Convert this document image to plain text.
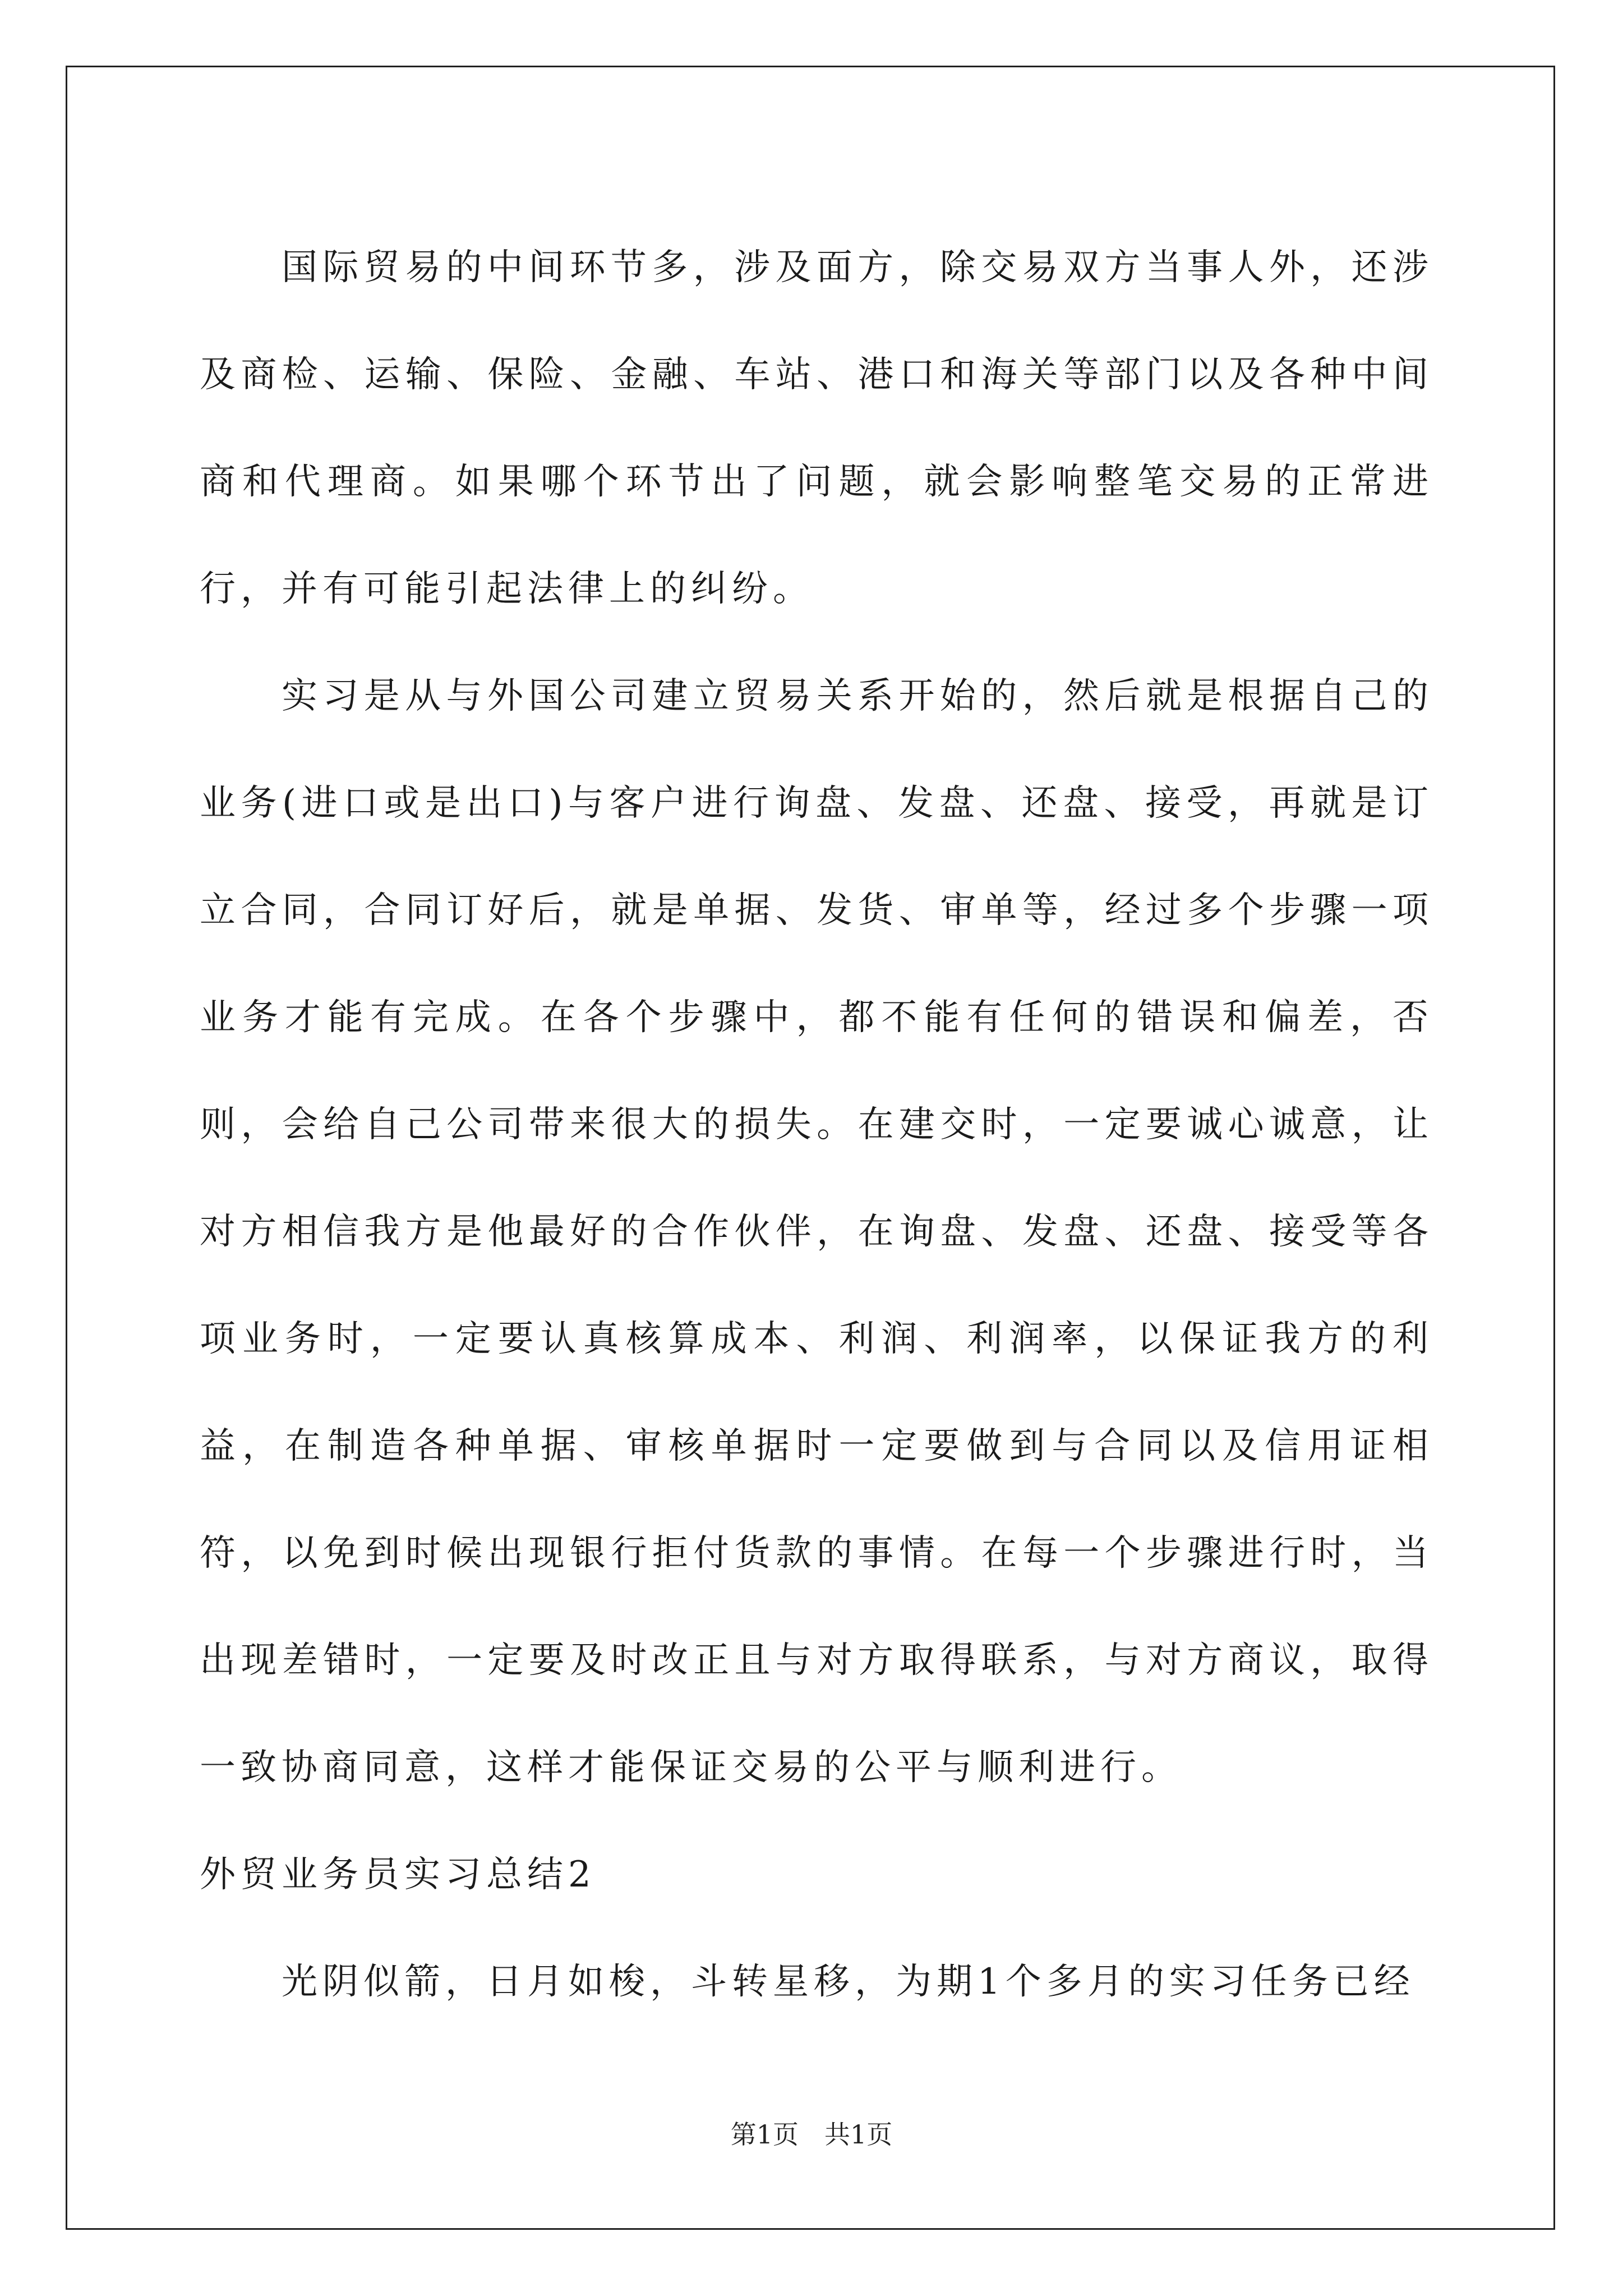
国际贸易的中间环节多，涉及面方，除交易双方当事人外，还涉及商检、运输、保险、金融、车站、港口和海关等部门以及各种中间商和代理商。如果哪个环节出了问题，就会影响整笔交易的正常进行，并有可能引起法律上的纠纷。

实习是从与外国公司建立贸易关系开始的，然后就是根据自己的业务(进口或是出口)与客户进行询盘、发盘、还盘、接受，再就是订立合同，合同订好后，就是单据、发货、审单等，经过多个步骤一项业务才能有完成。在各个步骤中，都不能有任何的错误和偏差，否则，会给自己公司带来很大的损失。在建交时，一定要诚心诚意，让对方相信我方是他最好的合作伙伴，在询盘、发盘、还盘、接受等各项业务时，一定要认真核算成本、利润、利润率，以保证我方的利益，在制造各种单据、审核单据时一定要做到与合同以及信用证相符，以免到时候出现银行拒付货款的事情。在每一个步骤进行时，当出现差错时，一定要及时改正且与对方取得联系，与对方商议，取得一致协商同意，这样才能保证交易的公平与顺利进行。

外贸业务员实习总结2

光阴似箭，日月如梭，斗转星移，为期1个多月的实习任务已经

第1页 共1页
